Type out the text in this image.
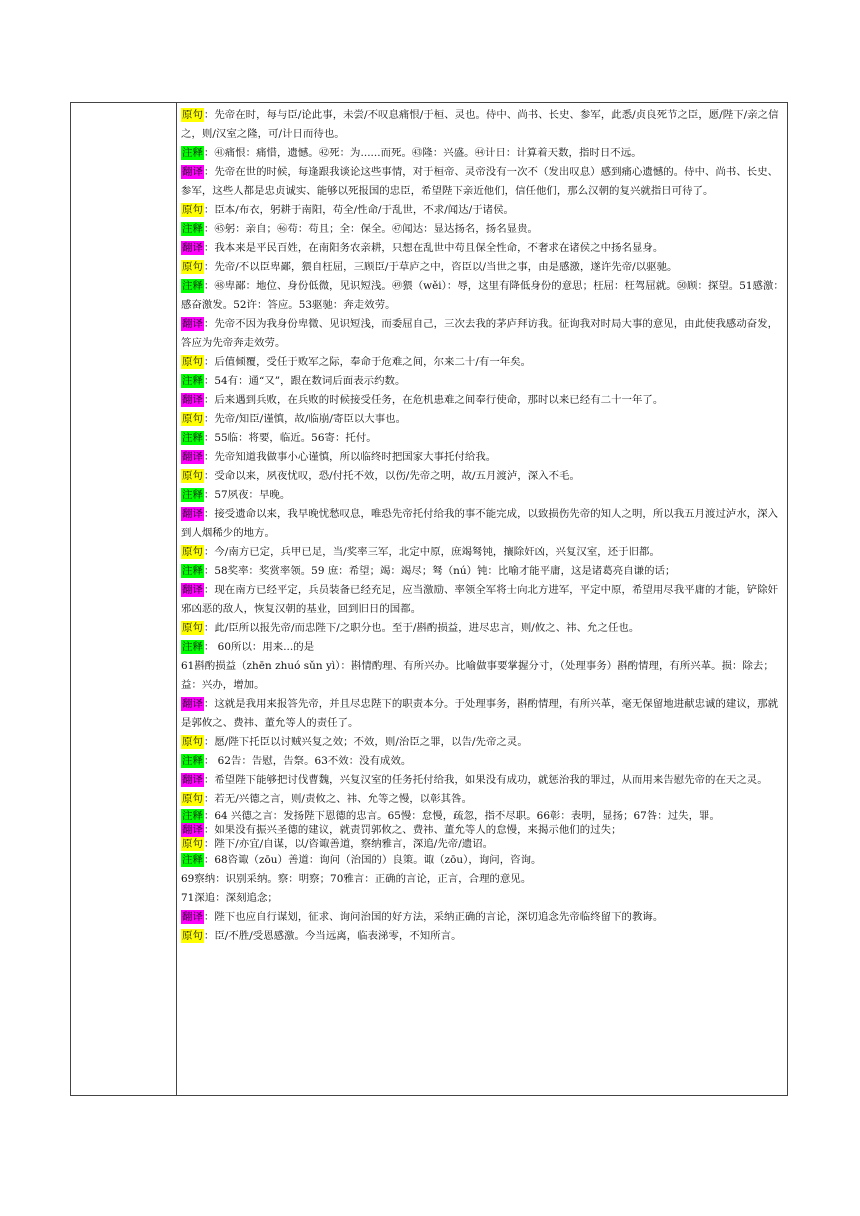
原句：先帝在时，每与臣/论此事，未尝/不叹息痛恨/于桓、灵也。侍中、尚书、长史、参军，此悉/贞良死节之臣，愿/陛下/亲之信之，则/汉室之隆，可/计日而待也。
注释：㊶痛恨：痛惜，遗憾。㊷死：为......而死。㊸隆：兴盛。㊹计日：计算着天数，指时日不远。
翻译：先帝在世的时候，每逢跟我谈论这些事情，对于桓帝、灵帝没有一次不（发出叹息）感到痛心遗憾的。侍中、尚书、长史、参军，这些人都是忠贞诚实、能够以死报国的忠臣，希望陛下亲近他们，信任他们，那么汉朝的复兴就指日可待了。
原句：臣本/布衣，躬耕于南阳，苟全/性命/于乱世，不求/闻达/于诸侯。
注释：㊺躬：亲自；㊻苟：苟且；全：保全。㊼闻达：显达扬名，扬名显贵。
翻译：我本来是平民百姓，在南阳务农亲耕，只想在乱世中苟且保全性命，不奢求在诸侯之中扬名显身。
原句：先帝/不以臣卑鄙，猥自枉屈，三顾臣/于草庐之中，咨臣以/当世之事，由是感激，遂许先帝/以驱驰。
注释：㊽卑鄙：地位、身份低微，见识短浅。㊾猥（wěi）：辱，这里有降低身份的意思；枉屈：枉驾屈就。㊿顾：探望。51感激：感奋激发。52许：答应。53驱驰：奔走效劳。
翻译：先帝不因为我身份卑微、见识短浅，而委屈自己，三次去我的茅庐拜访我。征询我对时局大事的意见，由此使我感动奋发，答应为先帝奔走效劳。
原句：后值倾覆，受任于败军之际，奉命于危难之间，尔来二十/有一年矣。
注释：54有：通“又”，跟在数词后面表示约数。
翻译：后来遇到兵败，在兵败的时候接受任务，在危机患难之间奉行使命，那时以来已经有二十一年了。
原句：先帝/知臣/谨慎，故/临崩/寄臣以大事也。
注释：55临：将要，临近。56寄：托付。
翻译：先帝知道我做事小心谨慎，所以临终时把国家大事托付给我。
原句：受命以来，夙夜忧叹，恐/付托不效，以伤/先帝之明，故/五月渡泸，深入不毛。
注释：57夙夜：早晚。
翻译：接受遗命以来，我早晚忧愁叹息，唯恐先帝托付给我的事不能完成，以致损伤先帝的知人之明，所以我五月渡过泸水，深入到人烟稀少的地方。
原句：今/南方已定，兵甲已足，当/奖率三军，北定中原，庶竭驽钝，攘除奸凶，兴复汉室，还于旧都。
注释：58奖率：奖赏率领。59 庶：希望；竭：竭尽；驽（nú）钝：比喻才能平庸，这是诸葛亮自谦的话；
翻译：现在南方已经平定，兵员装备已经充足，应当激励、率领全军将士向北方进军，平定中原，希望用尽我平庸的才能，铲除奸邪凶恶的敌人，恢复汉朝的基业，回到旧日的国都。
原句：此/臣所以报先帝/而忠陛下/之职分也。至于/斟酌损益，进尽忠言，则/攸之、祎、允之任也。
注释： 60所以：用来...的是
61斟酌损益（zhēn zhuó sǔn yì）：斟情酌理、有所兴办。比喻做事要掌握分寸，（处理事务）斟酌情理，有所兴革。损：除去；益：兴办，增加。
翻译：这就是我用来报答先帝，并且尽忠陛下的职责本分。于处理事务，斟酌情理，有所兴革，毫无保留地进献忠诚的建议，那就是郭攸之、费祎、董允等人的责任了。
原句：愿/陛下托臣以讨贼兴复之效；不效，则/治臣之罪，以告/先帝之灵。
注释： 62告：告慰，告祭。63不效：没有成效。
翻译：希望陛下能够把讨伐曹魏，兴复汉室的任务托付给我，如果没有成功，就惩治我的罪过，从而用来告慰先帝的在天之灵。
原句：若无/兴德之言，则/责攸之、祎、允等之慢，以彰其咎。
注释：64 兴德之言：发扬陛下恩德的忠言。65慢：怠慢，疏忽，指不尽职。66彰：表明，显扬；67咎：过失，罪。
翻译：如果没有振兴圣德的建议，就责罚郭攸之、费祎、董允等人的怠慢，来揭示他们的过失；
原句：陛下/亦宜/自谋，以/咨诹善道，察纳雅言，深追/先帝/遗诏。
注释：68咨诹（zōu）善道：询问（治国的）良策。诹（zōu），询问，咨询。
69察纳：识别采纳。察：明察；70雅言：正确的言论，正言，合理的意见。
71深追：深刻追念；
翻译：陛下也应自行谋划，征求、询问治国的好方法，采纳正确的言论，深切追念先帝临终留下的教诲。
原句：臣/不胜/受恩感激。今当远离，临表涕零，不知所言。
